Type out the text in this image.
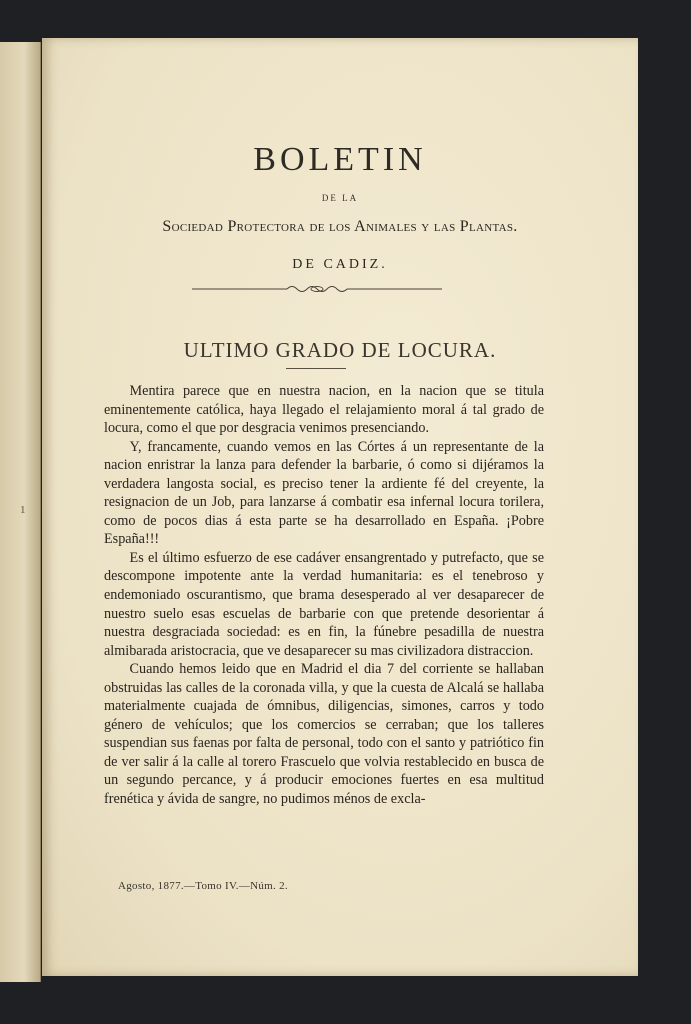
1
BOLETIN
DE LA
Sociedad Protectora de los Animales y las Plantas.
DE CADIZ.
ULTIMO GRADO DE LOCURA.

Mentira parece que en nuestra nacion, en la nacion que se titula eminentemente católica, haya llegado el relajamiento moral á tal grado de locura, como el que por desgracia venimos presenciando.

Y, francamente, cuando vemos en las Córtes á un representante de la nacion enristrar la lanza para defender la barbarie, ó como si dijéramos la verdadera langosta social, es preciso tener la ardiente fé del creyente, la resignacion de un Job, para lanzarse á combatir esa infernal locura torilera, como de pocos dias á esta parte se ha desarrollado en España. ¡Pobre España!!!

Es el último esfuerzo de ese cadáver ensangrentado y putrefacto, que se descompone impotente ante la verdad humanitaria: es el tenebroso y endemoniado oscurantismo, que brama desesperado al ver desaparecer de nuestro suelo esas escuelas de barbarie con que pretende desorientar á nuestra desgraciada sociedad: es en fin, la fúnebre pesadilla de nuestra almibarada aristocracia, que ve desaparecer su mas civilizadora distraccion.

Cuando hemos leido que en Madrid el dia 7 del corriente se hallaban obstruidas las calles de la coronada villa, y que la cuesta de Alcalá se hallaba materialmente cuajada de ómnibus, diligencias, simones, carros y todo género de vehículos; que los comercios se cerraban; que los talleres suspendian sus faenas por falta de personal, todo con el santo y patriótico fin de ver salir á la calle al torero Frascuelo que volvia restablecido en busca de un segundo percance, y á producir emociones fuertes en esa multitud frenética y ávida de sangre, no pudimos ménos de excla-

Agosto, 1877.—Tomo IV.—Núm. 2.
